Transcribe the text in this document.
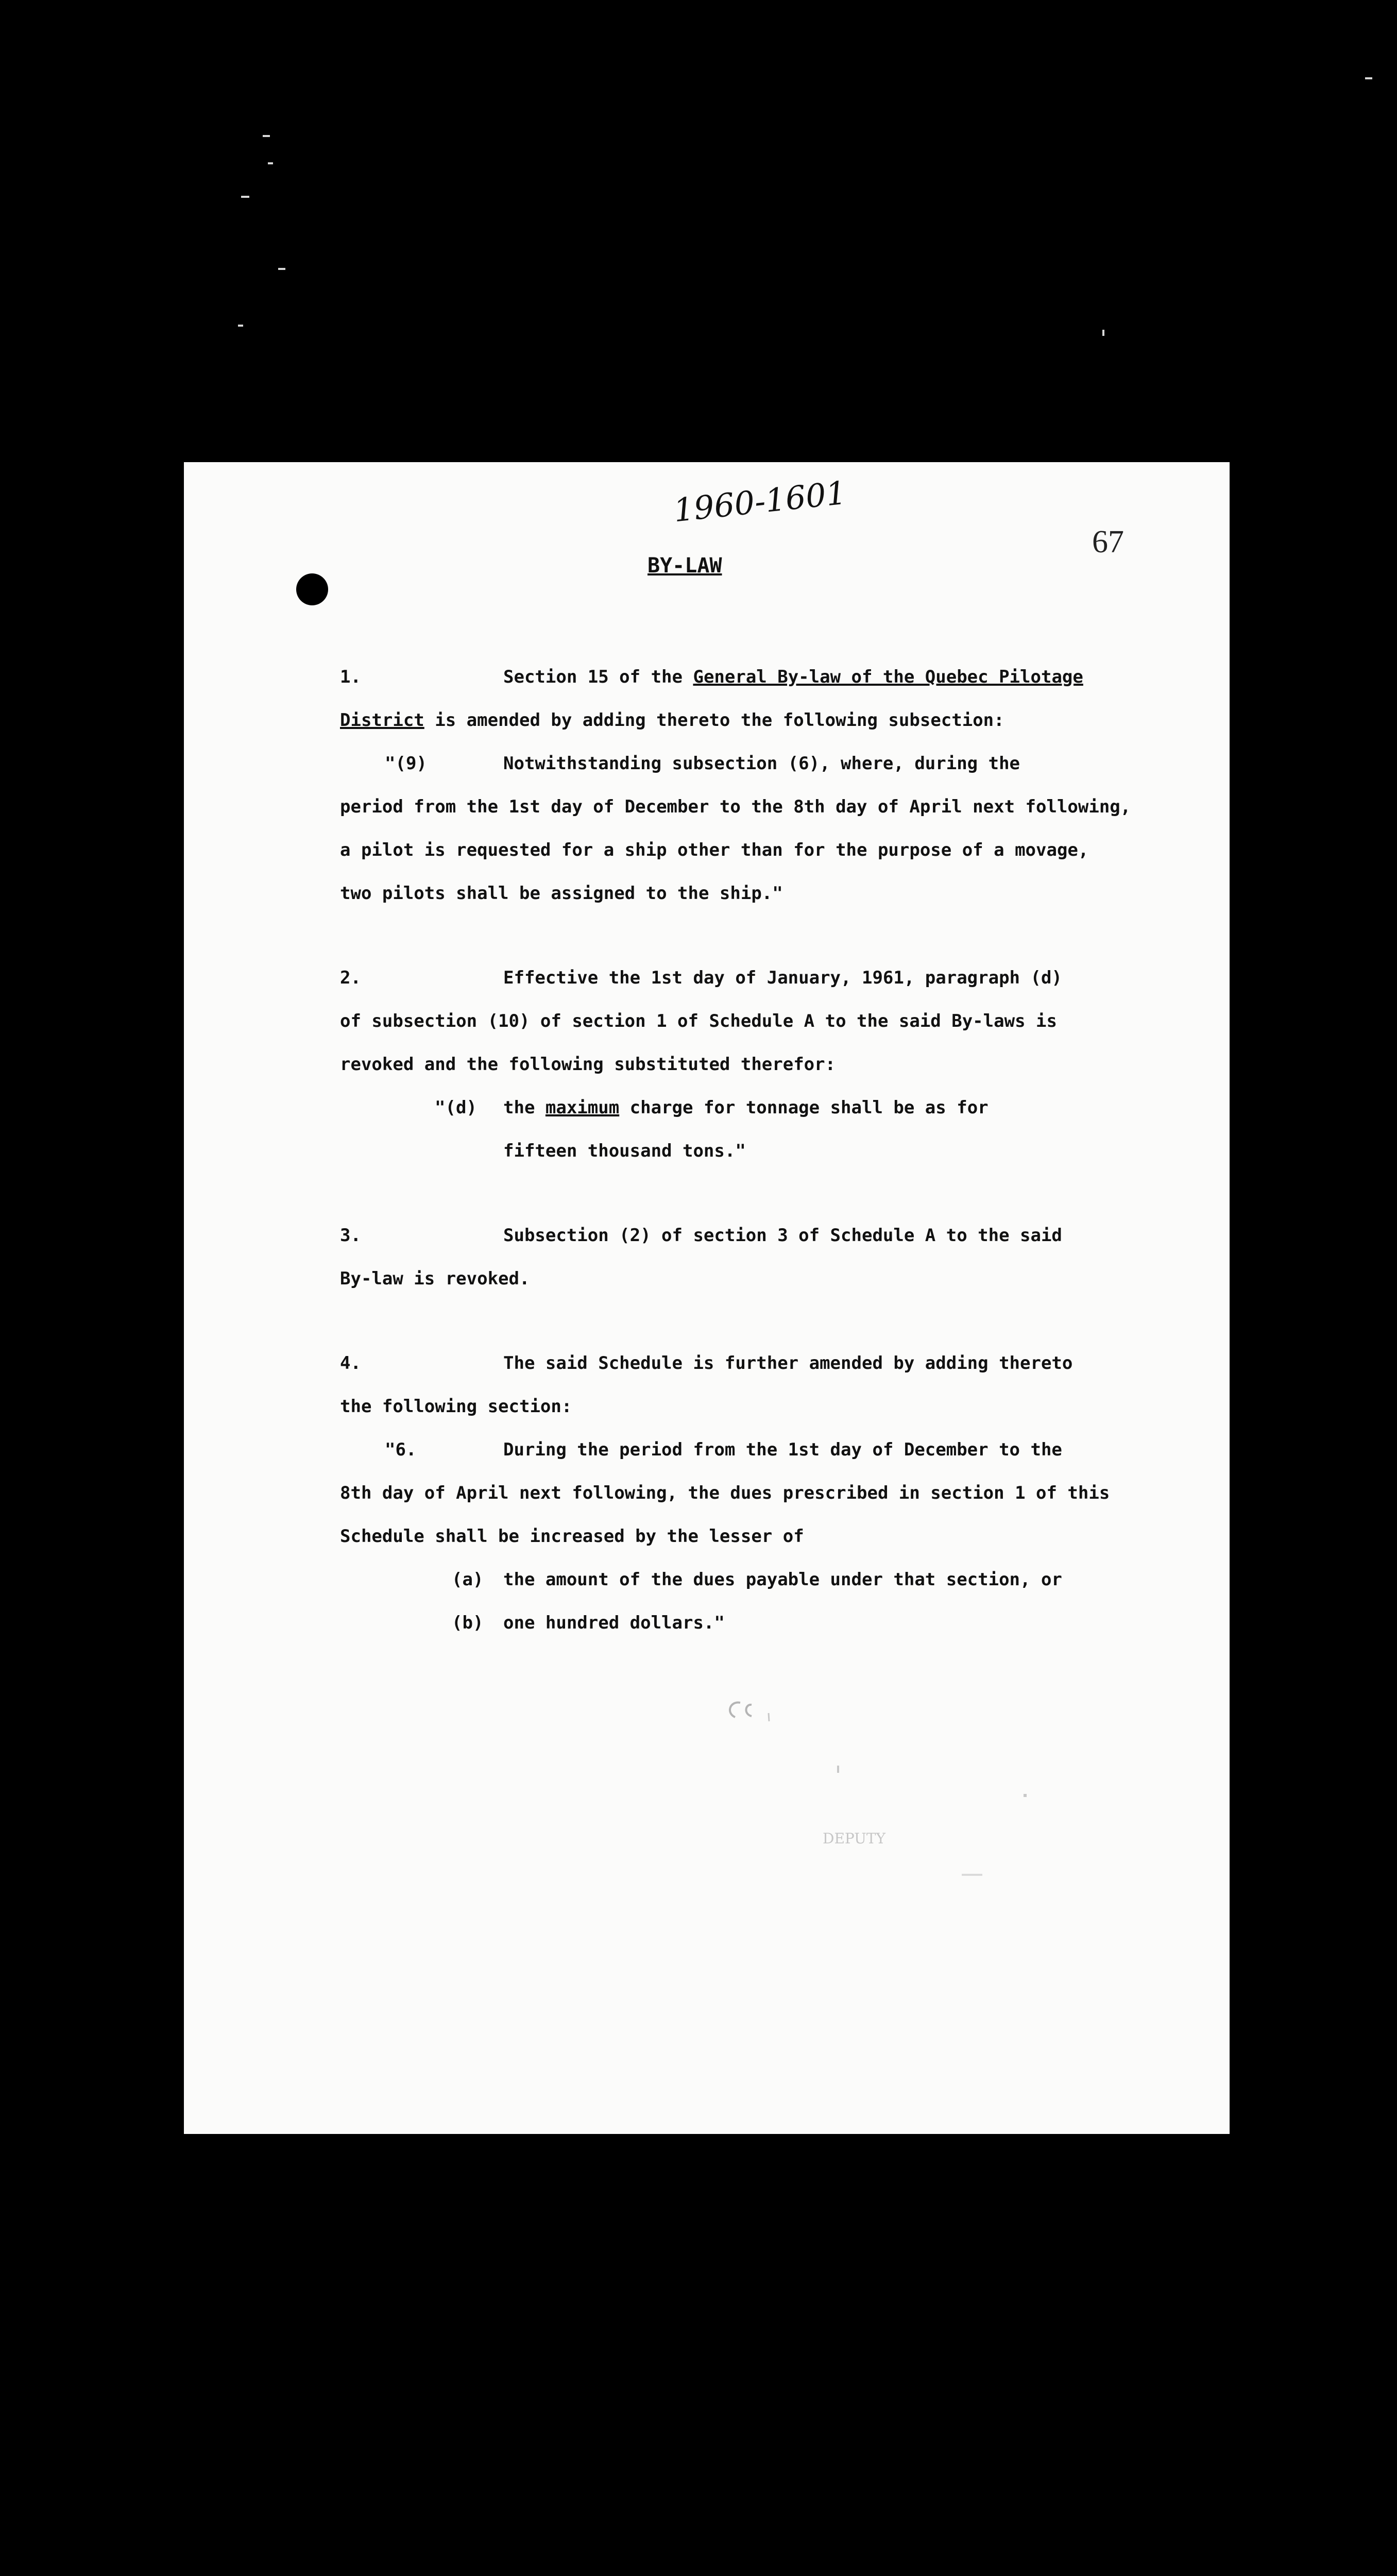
1960-1601
67
BY-LAW
1.	Section 15 of the General By-law of the Quebec Pilotage
District is amended by adding thereto the following subsection:
"(9)	Notwithstanding subsection (6), where, during the
period from the 1st day of December to the 8th day of April next following,
a pilot is requested for a ship other than for the purpose of a movage,
two pilots shall be assigned to the ship."
2.	Effective the 1st day of January, 1961, paragraph (d)
of subsection (10) of section 1 of Schedule A to the said By-laws is
revoked and the following substituted therefor:
"(d) the maximum charge for tonnage shall be as for
fifteen thousand tons."
3.	Subsection (2) of section 3 of Schedule A to the said
By-law is revoked.
4.	The said Schedule is further amended by adding thereto
the following section:
"6.	During the period from the 1st day of December to the
8th day of April next following, the dues prescribed in section 1 of this
Schedule shall be increased by the lesser of
(a) the amount of the dues payable under that section, or
(b) one hundred dollars."
DEPUTY
